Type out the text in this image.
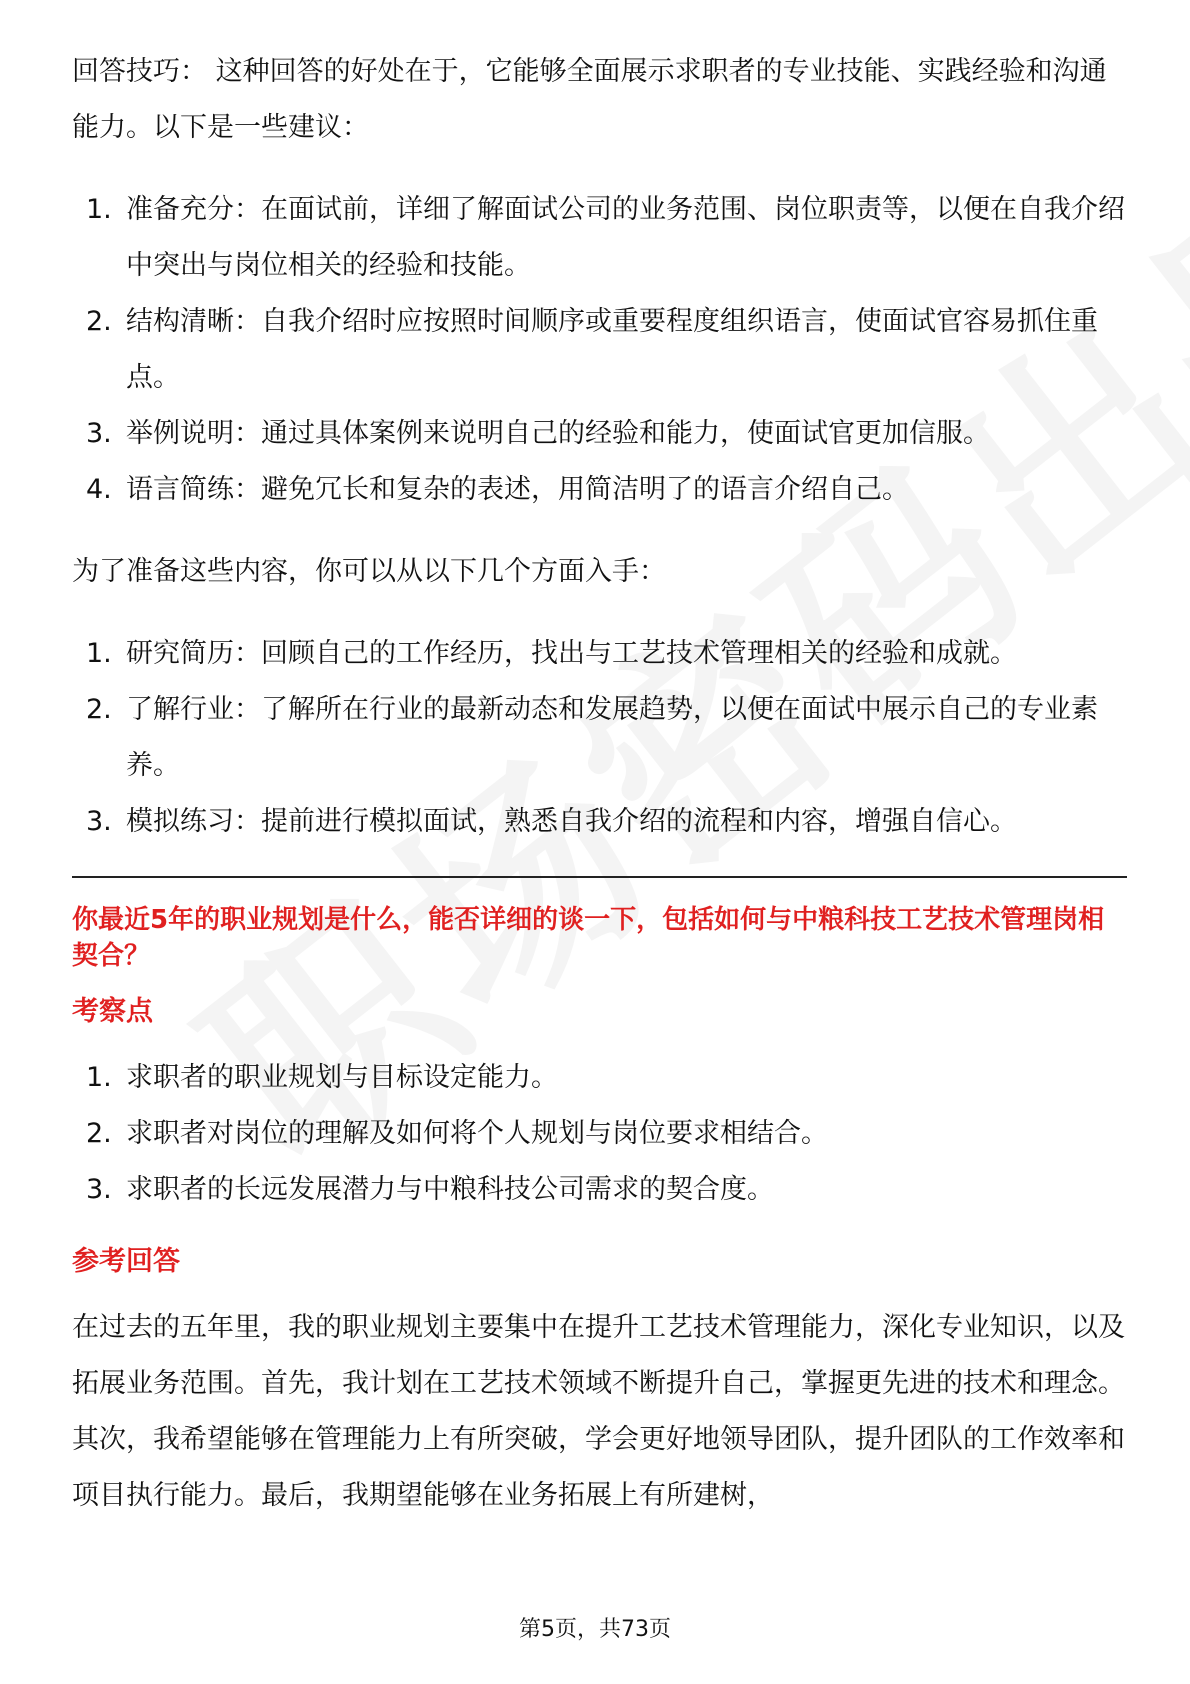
回答技巧： 这种回答的好处在于，它能够全面展示求职者的专业技能、实践经验和沟通能力。以下是一些建议：

1. 准备充分：在面试前，详细了解面试公司的业务范围、岗位职责等，以便在自我介绍中突出与岗位相关的经验和技能。
2. 结构清晰：自我介绍时应按照时间顺序或重要程度组织语言，使面试官容易抓住重点。
3. 举例说明：通过具体案例来说明自己的经验和能力，使面试官更加信服。
4. 语言简练：避免冗长和复杂的表述，用简洁明了的语言介绍自己。

为了准备这些内容，你可以从以下几个方面入手：

1. 研究简历：回顾自己的工作经历，找出与工艺技术管理相关的经验和成就。
2. 了解行业：了解所在行业的最新动态和发展趋势，以便在面试中展示自己的专业素养。
3. 模拟练习：提前进行模拟面试，熟悉自我介绍的流程和内容，增强自信心。

你最近5年的职业规划是什么，能否详细的谈一下，包括如何与中粮科技工艺技术管理岗相契合？

考察点

1. 求职者的职业规划与目标设定能力。
2. 求职者对岗位的理解及如何将个人规划与岗位要求相结合。
3. 求职者的长远发展潜力与中粮科技公司需求的契合度。

参考回答

在过去的五年里，我的职业规划主要集中在提升工艺技术管理能力，深化专业知识，以及拓展业务范围。首先，我计划在工艺技术领域不断提升自己，掌握更先进的技术和理念。其次，我希望能够在管理能力上有所突破，学会更好地领导团队，提升团队的工作效率和项目执行能力。最后，我期望能够在业务拓展上有所建树，

第5页，共73页
